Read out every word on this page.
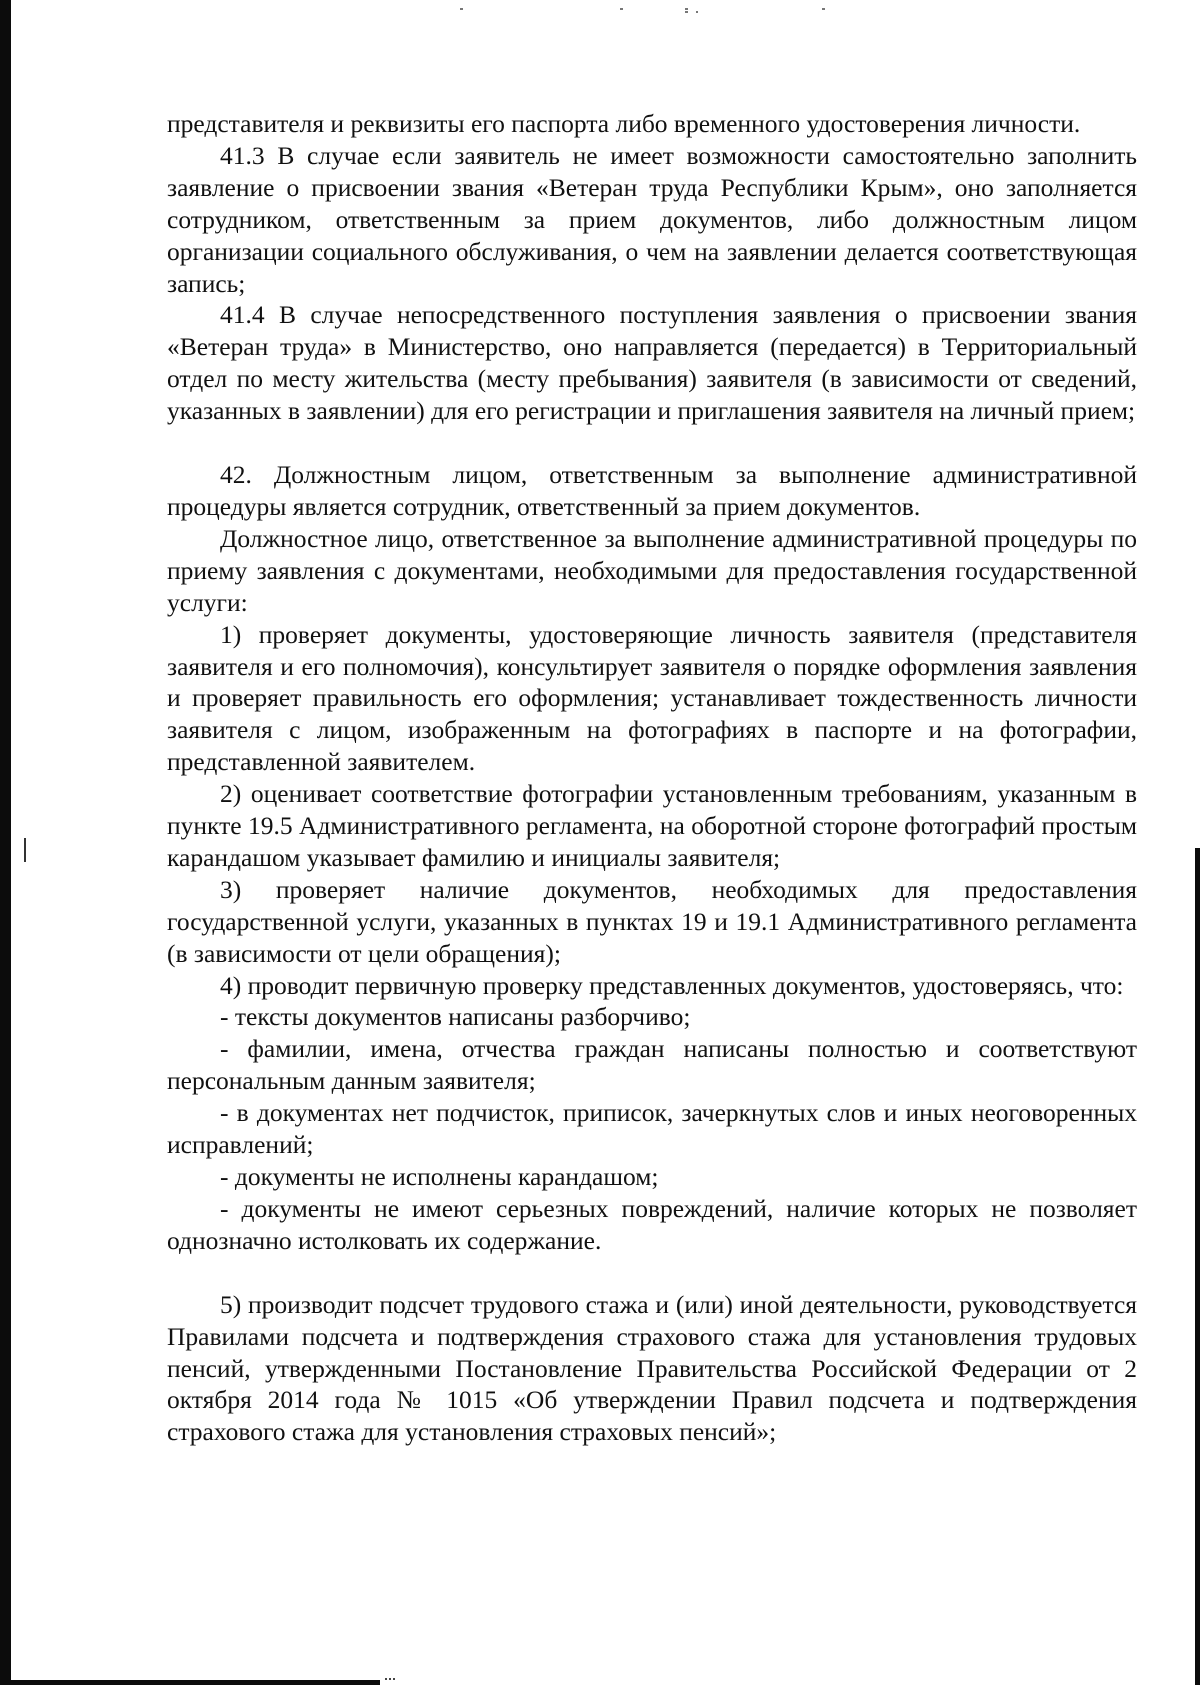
представителя и реквизиты его паспорта либо временного удостоверения личности.

41.3 В случае если заявитель не имеет возможности самостоятельно заполнить заявление о присвоении звания «Ветеран труда Республики Крым», оно заполняется сотрудником, ответственным за прием документов, либо должностным лицом организации социального обслуживания, о чем на заявлении делается соответствующая запись;

41.4 В случае непосредственного поступления заявления о присвоении звания «Ветеран труда» в Министерство, оно направляется (передается) в Территориальный отдел по месту жительства (месту пребывания) заявителя (в зависимости от сведений, указанных в заявлении) для его регистрации и приглашения заявителя на личный прием;

42. Должностным лицом, ответственным за выполнение административной процедуры является сотрудник, ответственный за прием документов.

Должностное лицо, ответственное за выполнение административной процедуры по приему заявления с документами, необходимыми для предоставления государственной услуги:

1) проверяет документы, удостоверяющие личность заявителя (представителя заявителя и его полномочия), консультирует заявителя о порядке оформления заявления и проверяет правильность его оформления; устанавливает тождественность личности заявителя с лицом, изображенным на фотографиях в паспорте и на фотографии, представленной заявителем.

2) оценивает соответствие фотографии установленным требованиям, указанным в пункте 19.5 Административного регламента, на оборотной стороне фотографий простым карандашом указывает фамилию и инициалы заявителя;

3) проверяет наличие документов, необходимых для предоставления государственной услуги, указанных в пунктах 19 и 19.1 Административного регламента (в зависимости от цели обращения);

4) проводит первичную проверку представленных документов, удостоверяясь, что:

- тексты документов написаны разборчиво;

- фамилии, имена, отчества граждан написаны полностью и соответствуют персональным данным заявителя;

- в документах нет подчисток, приписок, зачеркнутых слов и иных неоговоренных исправлений;

- документы не исполнены карандашом;

- документы не имеют серьезных повреждений, наличие которых не позволяет однозначно истолковать их содержание.

5) производит подсчет трудового стажа и (или) иной деятельности, руководствуется Правилами подсчета и подтверждения страхового стажа для установления трудовых пенсий, утвержденными Постановление Правительства Российской Федерации от 2 октября 2014 года № 1015 «Об утверждении Правил подсчета и подтверждения страхового стажа для установления страховых пенсий»;
